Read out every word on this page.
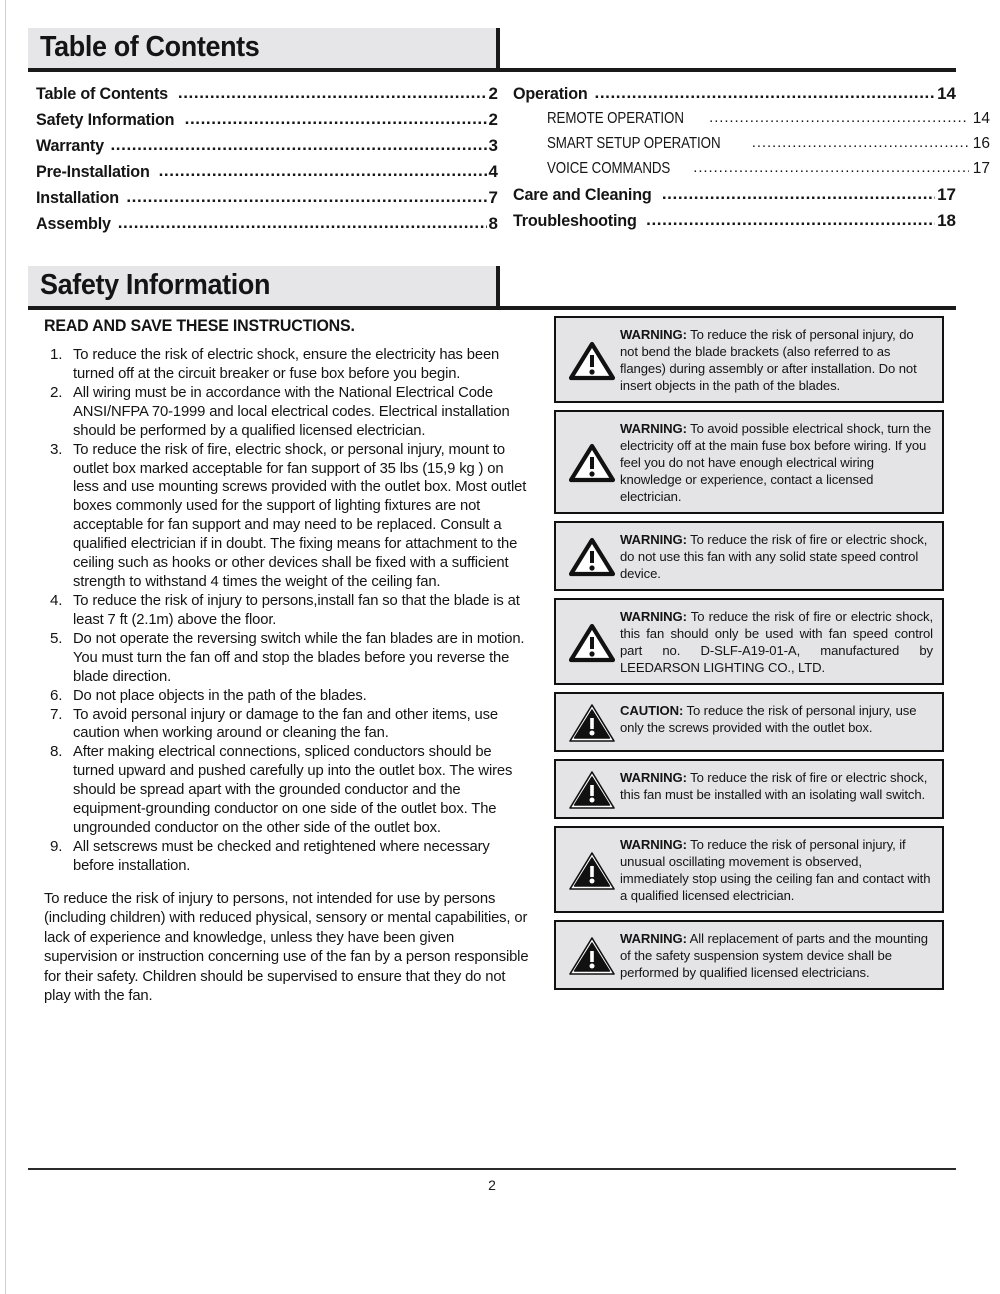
Table of Contents
Table of Contents .....	2
Safety Information .....	2
Warranty .....	3
Pre-Installation .....	4
Installation .....	7
Assembly .....	8
Operation .....	14
REMOTE OPERATION .....	14
SMART SETUP OPERATION .....	16
VOICE COMMANDS .....	17
Care and Cleaning .....	17
Troubleshooting .....	18
Safety Information

READ AND SAVE THESE INSTRUCTIONS.

1. To reduce the risk of electric shock, ensure the electricity has been turned off at the circuit breaker or fuse box before you begin.
2. All wiring must be in accordance with the National Electrical Code ANSI/NFPA 70-1999 and local electrical codes. Electrical installation should be performed by a qualified licensed electrician.
3. To reduce the risk of fire, electric shock, or personal injury, mount to outlet box marked acceptable for fan support of 35 lbs (15,9 kg ) on less and use mounting screws provided with the outlet box. Most outlet boxes commonly used for the support of lighting fixtures are not acceptable for fan support and may need to be replaced. Consult a qualified electrician if in doubt. The fixing means for attachment to the ceiling such as hooks or other devices shall be fixed with a sufficient strength to withstand 4 times the weight of the ceiling fan.
4. To reduce the risk of injury to persons,install fan so that the blade is at least 7 ft (2.1m) above the floor.
5. Do not operate the reversing switch while the fan blades are in motion. You must turn the fan off and stop the blades before you reverse the blade direction.
6. Do not place objects in the path of the blades.
7. To avoid personal injury or damage to the fan and other items, use caution when working around or cleaning the fan.
8. After making electrical connections, spliced conductors should be turned upward and pushed carefully up into the outlet box. The wires should be spread apart with the grounded conductor and the equipment-grounding conductor on one side of the outlet box. The ungrounded conductor on the other side of the outlet box.
9. All setscrews must be checked and retightened where necessary before installation.

To reduce the risk of injury to persons, not intended for use by persons (including children) with reduced physical, sensory or mental capabilities, or lack of experience and knowledge, unless they have been given supervision or instruction concerning use of the fan by a person responsible for their safety. Children should be supervised to ensure that they do not play with the fan.

WARNING: To reduce the risk of personal injury, do not bend the blade brackets (also referred to as flanges) during assembly or after installation. Do not insert objects in the path of the blades.
WARNING: To avoid possible electrical shock, turn the electricity off at the main fuse box before wiring. If you feel you do not have enough electrical wiring knowledge or experience, contact a licensed electrician.
WARNING: To reduce the risk of fire or electric shock, do not use this fan with any solid state speed control device.
WARNING: To reduce the risk of fire or electric shock, this fan should only be used with fan speed control part no. D-SLF-A19-01-A, manufactured by LEEDARSON LIGHTING CO., LTD.
CAUTION: To reduce the risk of personal injury, use only the screws provided with the outlet box.
WARNING: To reduce the risk of fire or electric shock, this fan must be installed with an isolating wall switch.
WARNING: To reduce the risk of personal injury, if unusual oscillating movement is observed, immediately stop using the ceiling fan and contact with a qualified licensed electrician.
WARNING: All replacement of parts and the mounting of the safety suspension system device shall be performed by qualified licensed electricians.
2
